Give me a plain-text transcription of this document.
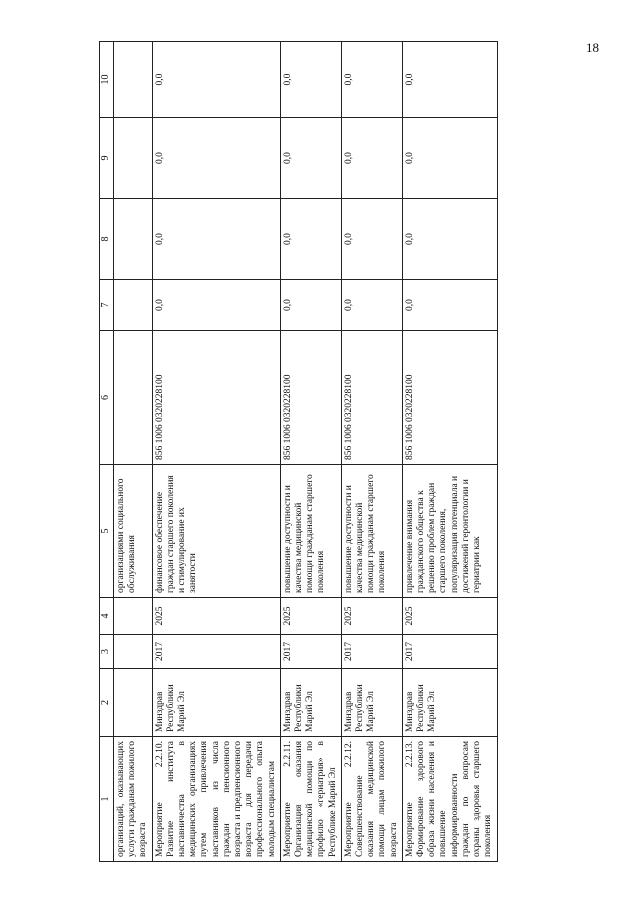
18
1	2	3	4	5	6	7	8	9	10
организаций, оказывающих услуги гражданам пожилого возраста				организациями социального обслуживания					
Мероприятие 2.2.10. Развитие института наставничества в медицинских организациях путем привлечения наставников из числа граждан пенсионного возраста и предпенсионного возраста для передачи профессионального опыта молодым специалистам	Минздрав Республики Марий Эл	2017	2025	финансовое обеспечение граждан старшего поколения и стимулирование их занятости	856 1006 0320228100	0,0	0,0	0,0	0,0
Мероприятие 2.2.11. Организация оказания медицинской помощи по профилю «гериатрия» в Республике Марий Эл	Минздрав Республики Марий Эл	2017	2025	повышение доступности и качества медицинской помощи гражданам старшего поколения	856 1006 0320228100	0,0	0,0	0,0	0,0
Мероприятие 2.2.12. Совершенствование оказания медицинской помощи лицам пожилого возраста	Минздрав Республики Марий Эл	2017	2025	повышение доступности и качества медицинской помощи гражданам старшего поколения	856 1006 0320228100	0,0	0,0	0,0	0,0
Мероприятие 2.2.13. Формирование здорового образа жизни населения и повышение информированности граждан по вопросам охраны здоровья старшего поколения	Минздрав Республики Марий Эл	2017	2025	привлечение внимания гражданского общества к решению проблем граждан старшего поколения, популяризация потенциала и достижений геронтологии и гериатрии как	856 1006 0320228100	0,0	0,0	0,0	0,0
